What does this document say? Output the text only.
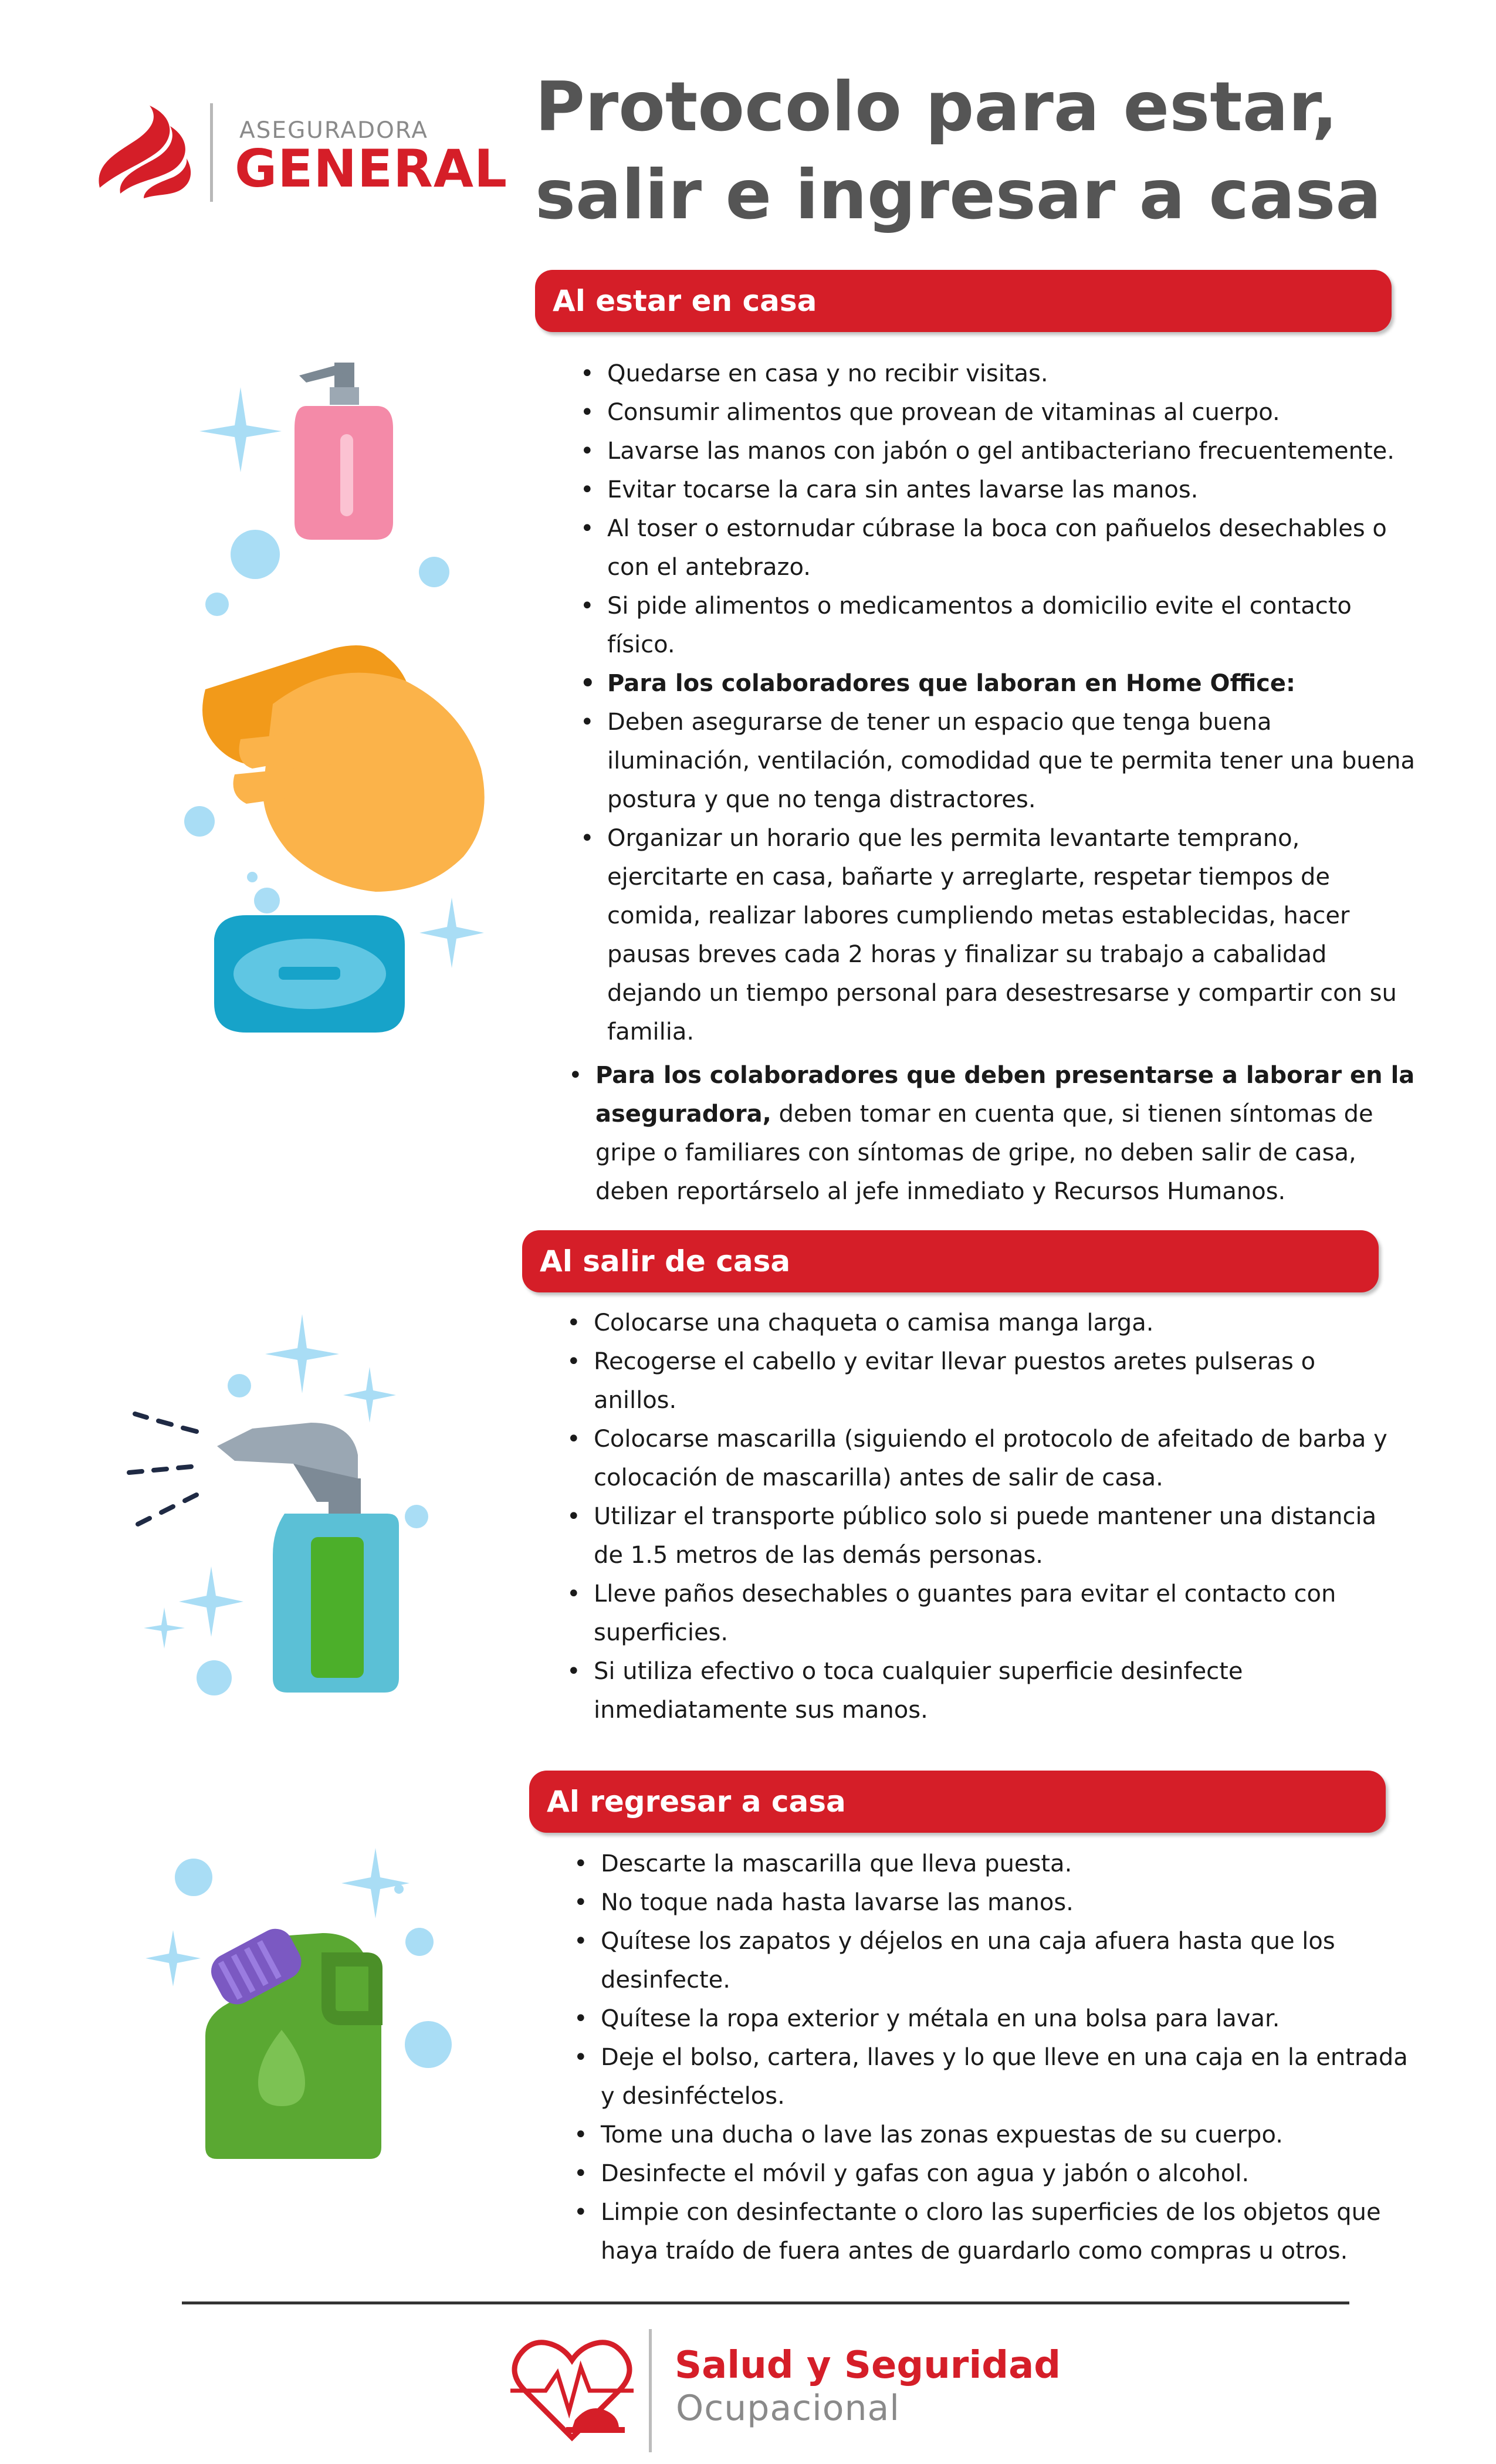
ASEGURADORA
GENERAL
Protocolo para estar,
salir e ingresar a casa
Al estar en casa
• Quedarse en casa y no recibir visitas.
• Consumir alimentos que provean de vitaminas al cuerpo.
• Lavarse las manos con jabón o gel antibacteriano frecuentemente.
• Evitar tocarse la cara sin antes lavarse las manos.
• Al toser o estornudar cúbrase la boca con pañuelos desechables o con el antebrazo.
• Si pide alimentos o medicamentos a domicilio evite el contacto físico.
• Para los colaboradores que laboran en Home Office:
• Deben asegurarse de tener un espacio que tenga buena iluminación, ventilación, comodidad que te permita tener una buena postura y que no tenga distractores.
• Organizar un horario que les permita levantarte temprano, ejercitarte en casa, bañarte y arreglarte, respetar tiempos de comida, realizar labores cumpliendo metas establecidas, hacer pausas breves cada 2 horas y finalizar su trabajo a cabalidad dejando un tiempo personal para desestresarse y compartir con su familia.
• Para los colaboradores que deben presentarse a laborar en la aseguradora, deben tomar en cuenta que, si tienen síntomas de gripe o familiares con síntomas de gripe, no deben salir de casa, deben reportárselo al jefe inmediato y Recursos Humanos.
Al salir de casa
• Colocarse una chaqueta o camisa manga larga.
• Recogerse el cabello y evitar llevar puestos aretes pulseras o anillos.
• Colocarse mascarilla (siguiendo el protocolo de afeitado de barba y colocación de mascarilla) antes de salir de casa.
• Utilizar el transporte público solo si puede mantener una distancia de 1.5 metros de las demás personas.
• Lleve paños desechables o guantes para evitar el contacto con superficies.
• Si utiliza efectivo o toca cualquier superficie desinfecte inmediatamente sus manos.
Al regresar a casa
• Descarte la mascarilla que lleva puesta.
• No toque nada hasta lavarse las manos.
• Quítese los zapatos y déjelos en una caja afuera hasta que los desinfecte.
• Quítese la ropa exterior y métala en una bolsa para lavar.
• Deje el bolso, cartera, llaves y lo que lleve en una caja en la entrada y desinféctelos.
• Tome una ducha o lave las zonas expuestas de su cuerpo.
• Desinfecte el móvil y gafas con agua y jabón o alcohol.
• Limpie con desinfectante o cloro las superficies de los objetos que haya traído de fuera antes de guardarlo como compras u otros.
Salud y Seguridad
Ocupacional
